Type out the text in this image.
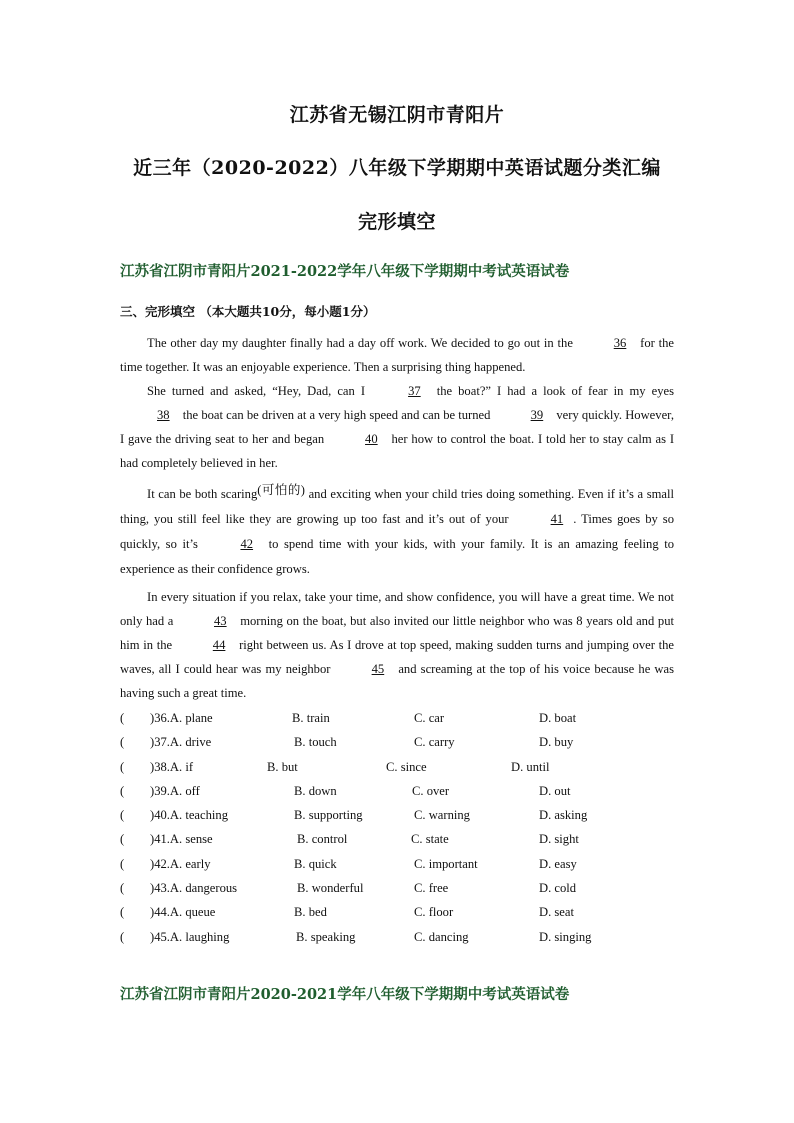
江苏省无锡江阴市青阳片
近三年（2020-2022）八年级下学期期中英语试题分类汇编
完形填空
江苏省江阴市青阳片2021-2022学年八年级下学期期中考试英语试卷
三、完形填空 （本大题共10分，每小题1分）
The other day my daughter finally had a day off work. We decided to go out in the	36 for the time together. It was an enjoyable experience. Then a surprising thing happened.
She turned and asked, “Hey, Dad, can I	37 the boat?” I had a look of fear in my eyes 38 the boat can be driven at a very high speed and can be turned	39 very quickly. However, I gave the driving seat to her and began	40 her how to control the boat. I told her to stay calm as I had completely believed in her.
It can be both scaring(可怕的) and exciting when your child tries doing something. Even if it’s a small thing, you still feel like they are growing up too fast and it’s out of your	41 . Times goes by so quickly, so it’s	42 to spend time with your kids, with your family. It is an amazing feeling to experience as their confidence grows.
In every situation if you relax, take your time, and show confidence, you will have a great time. We not only had a	43 morning on the boat, but also invited our little neighbor who was 8 years old and put him in the	44 right between us. As I drove at top speed, making sudden turns and jumping over the waves, all I could hear was my neighbor	45 and screaming at the top of his voice because he was having such a great time.
( )36.A. plane	B. train	C. car	D. boat
( )37.A. drive	B. touch	C. carry	D. buy
( )38.A. if	B. but	C. since	D. until
( )39.A. off	B. down	C. over	D. out
( )40.A. teaching	B. supporting	C. warning	D. asking
( )41.A. sense	B. control	C. state	D. sight
( )42.A. early	B. quick	C. important	D. easy
( )43.A. dangerous	B. wonderful	C. free	D. cold
( )44.A. queue	B. bed	C. floor	D. seat
( )45.A. laughing	B. speaking	C. dancing	D. singing
江苏省江阴市青阳片2020-2021学年八年级下学期期中考试英语试卷
